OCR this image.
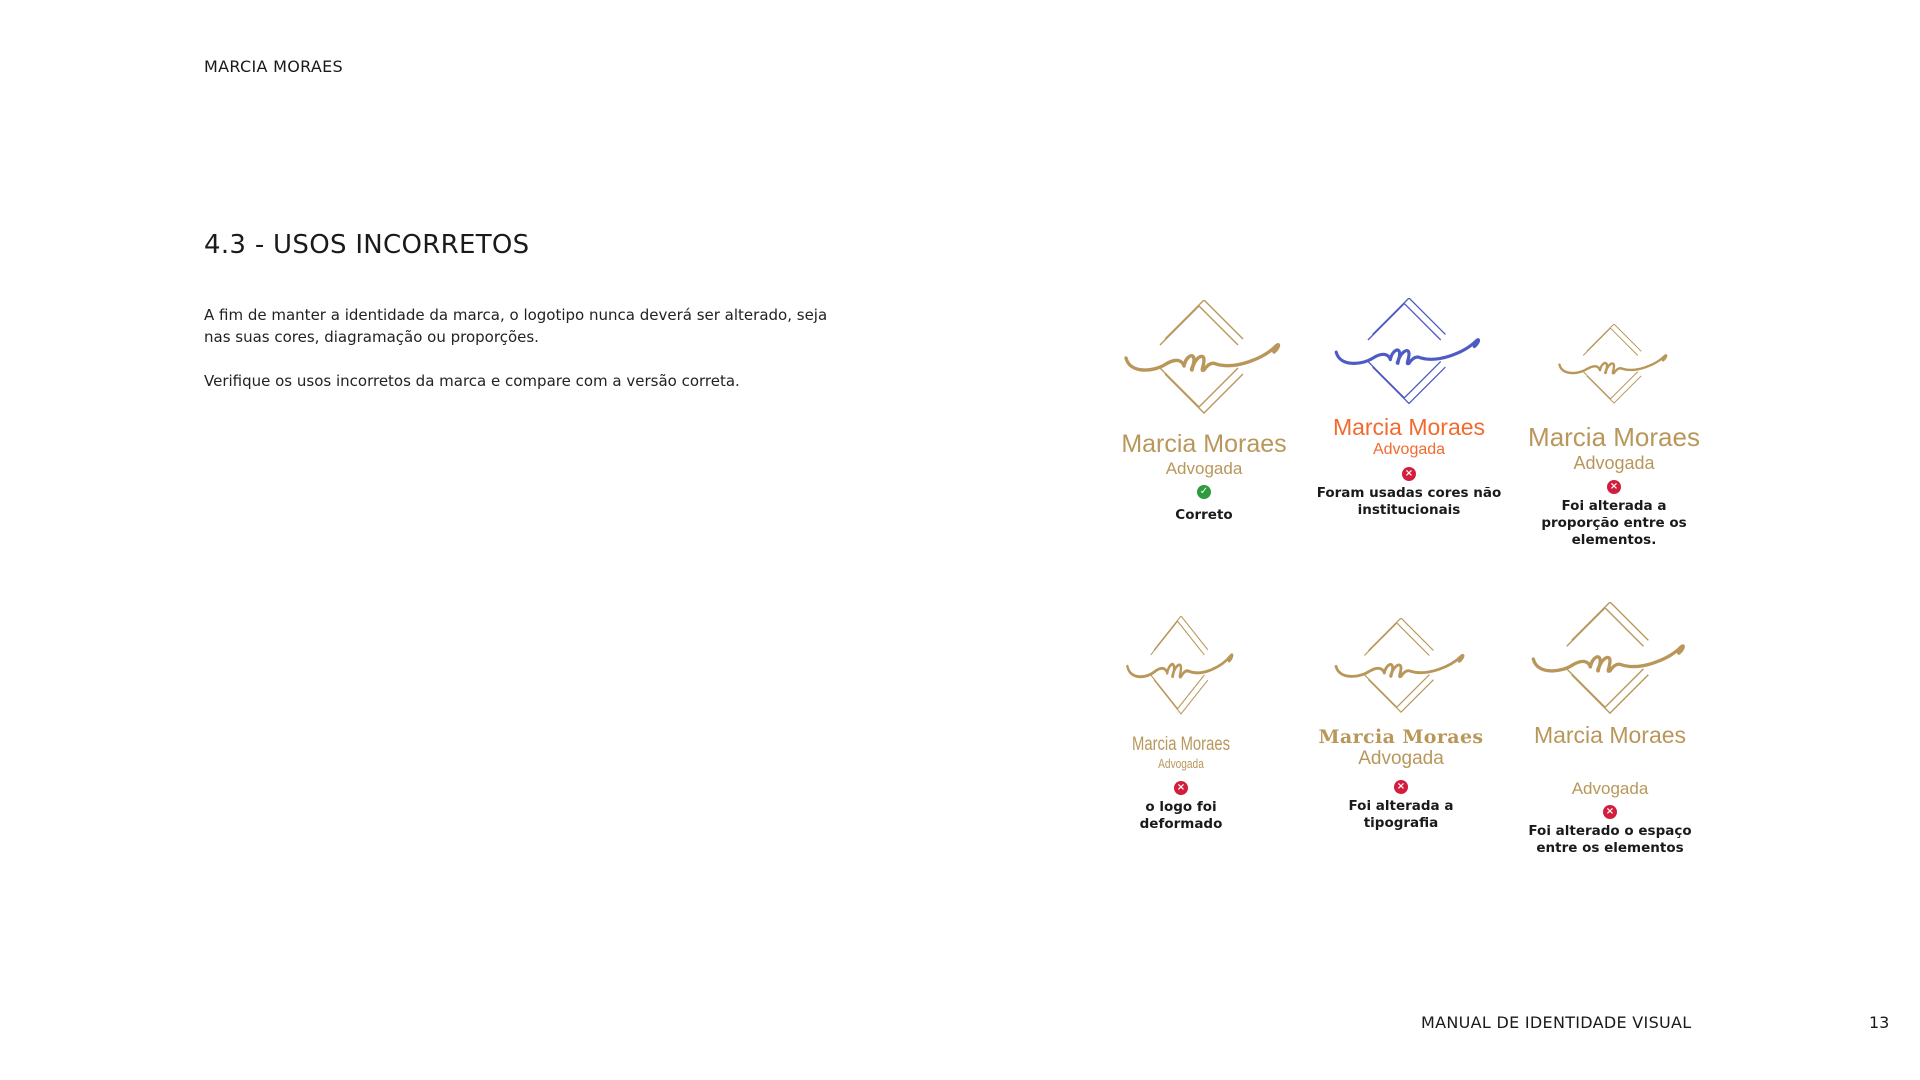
MARCIA MORAES
4.3 - USOS INCORRETOS

A fim de manter a identidade da marca, o logotipo nunca deverá ser alterado, seja nas suas cores, diagramação ou proporções.

Verifique os usos incorretos da marca e compare com a versão correta.

Marcia Moraes
Advogada
✓
Correto
Marcia Moraes
Advogada
×
Foram usadas cores não institucionais
Marcia Moraes
Advogada
×
Foi alterada a proporção entre os elementos.
Marcia Moraes
Advogada
×
o logo foi deformado
Marcia Moraes
Advogada
×
Foi alterada a tipografia
Marcia Moraes
Advogada
×
Foi alterado o espaço entre os elementos
MANUAL DE IDENTIDADE VISUAL	13
